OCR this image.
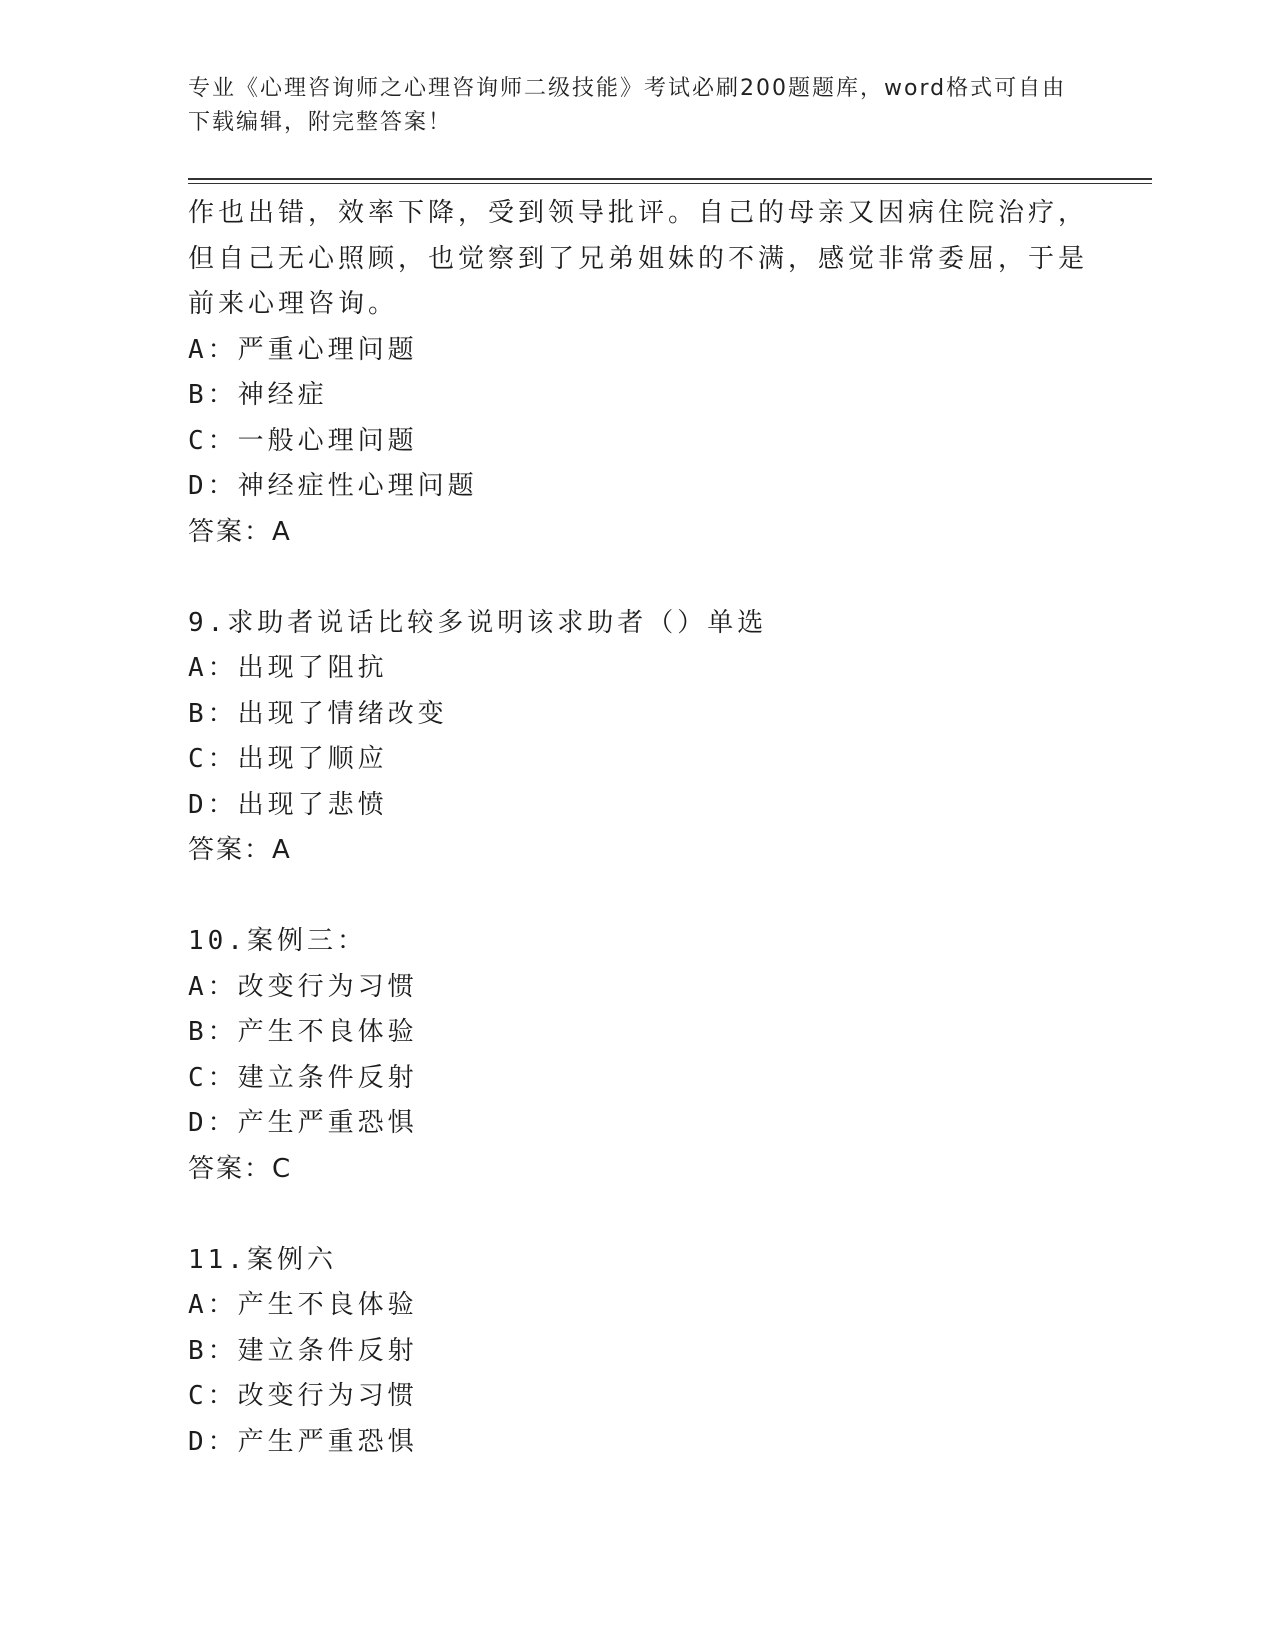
专业《心理咨询师之心理咨询师二级技能》考试必刷200题题库，word格式可自由下载编辑，附完整答案！
作也出错，效率下降，受到领导批评。自己的母亲又因病住院治疗，
但自己无心照顾，也觉察到了兄弟姐妹的不满，感觉非常委屈，于是
前来心理咨询。
A：严重心理问题
B：神经症
C：一般心理问题
D：神经症性心理问题
答案：A
9.求助者说话比较多说明该求助者（）单选
A：出现了阻抗
B：出现了情绪改变
C：出现了顺应
D：出现了悲愤
答案：A
10.案例三：
A：改变行为习惯
B：产生不良体验
C：建立条件反射
D：产生严重恐惧
答案：C
11.案例六
A：产生不良体验
B：建立条件反射
C：改变行为习惯
D：产生严重恐惧
